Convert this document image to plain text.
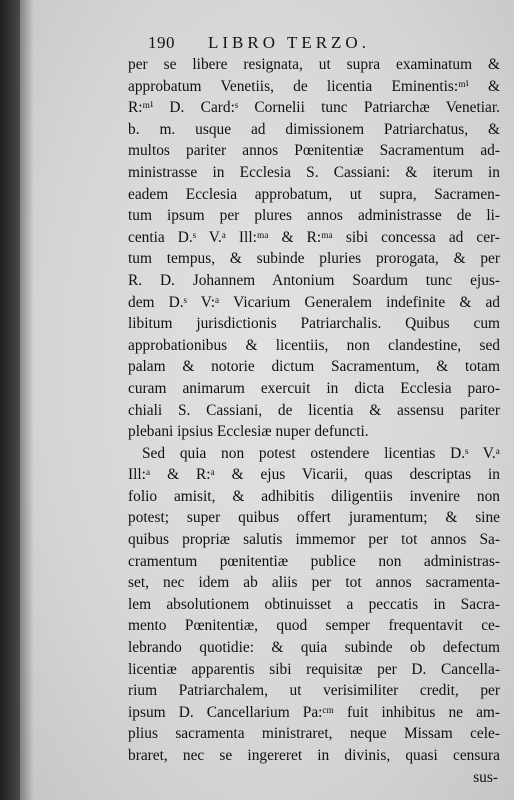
190 LIBRO TERZO.
per se libere resignata, ut supra examinatum &
approbatum Venetiis, de licentia Eminentis:ᵐⁱ &
R:ᵐⁱ D. Card:ˢ Cornelii tunc Patriarchæ Venetiar.
b. m. usque ad dimissionem Patriarchatus, &
multos pariter annos Pœnitentiæ Sacramentum ad-
ministrasse in Ecclesia S. Cassiani: & iterum in
eadem Ecclesia approbatum, ut supra, Sacramen-
tum ipsum per plures annos administrasse de li-
centia D.ˢ V.ᵃ Ill:ᵐᵃ & R:ᵐᵃ sibi concessa ad cer-
tum tempus, & subinde pluries prorogata, & per
R. D. Johannem Antonium Soardum tunc ejus-
dem D.ˢ V:ᵃ Vicarium Generalem indefinite & ad
libitum jurisdictionis Patriarchalis. Quibus cum
approbationibus & licentiis, non clandestine, sed
palam & notorie dictum Sacramentum, & totam
curam animarum exercuit in dicta Ecclesia paro-
chiali S. Cassiani, de licentia & assensu pariter
plebani ipsius Ecclesiæ nuper defuncti.
Sed quia non potest ostendere licentias D.ˢ V.ᵃ
Ill:ᵃ & R:ᵃ & ejus Vicarii, quas descriptas in
folio amisit, & adhibitis diligentiis invenire non
potest; super quibus offert juramentum; & sine
quibus propriæ salutis immemor per tot annos Sa-
cramentum pœnitentiæ publice non administras-
set, nec idem ab aliis per tot annos sacramenta-
lem absolutionem obtinuisset a peccatis in Sacra-
mento Pœnitentiæ, quod semper frequentavit ce-
lebrando quotidie: & quia subinde ob defectum
licentiæ apparentis sibi requisitæ per D. Cancella-
rium Patriarchalem, ut verisimiliter credit, per
ipsum D. Cancellarium Pa:ᶜᵐ fuit inhibitus ne am-
plius sacramenta ministraret, neque Missam cele-
braret, nec se ingereret in divinis, quasi censura
sus-
